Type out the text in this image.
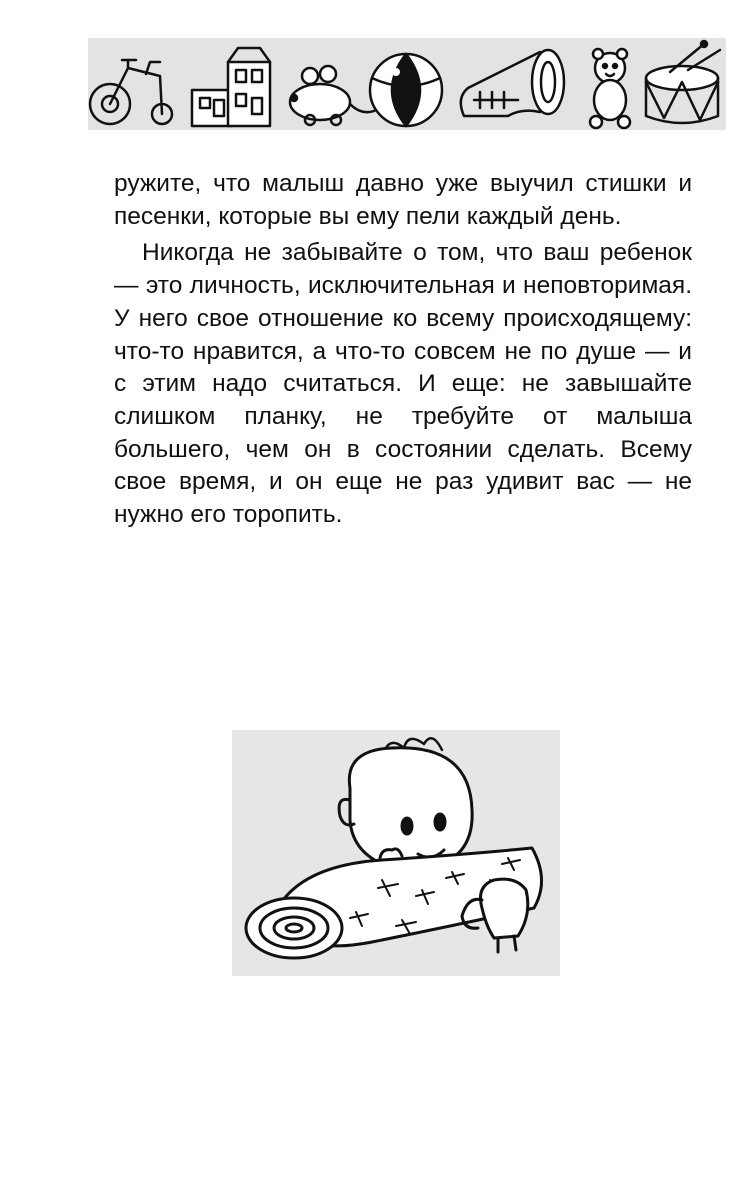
ружите, что малыш давно уже выучил стишки и песенки, которые вы ему пели каждый день.

Никогда не забывайте о том, что ваш ребенок — это личность, исключительная и неповторимая. У него свое отношение ко всему происходящему: что-то нравится, а что-то совсем не по душе — и с этим надо считаться. И еще: не завышайте слишком планку, не требуйте от малыша большего, чем он в состоянии сделать. Всему свое время, и он еще не раз удивит вас — не нужно его торопить.
